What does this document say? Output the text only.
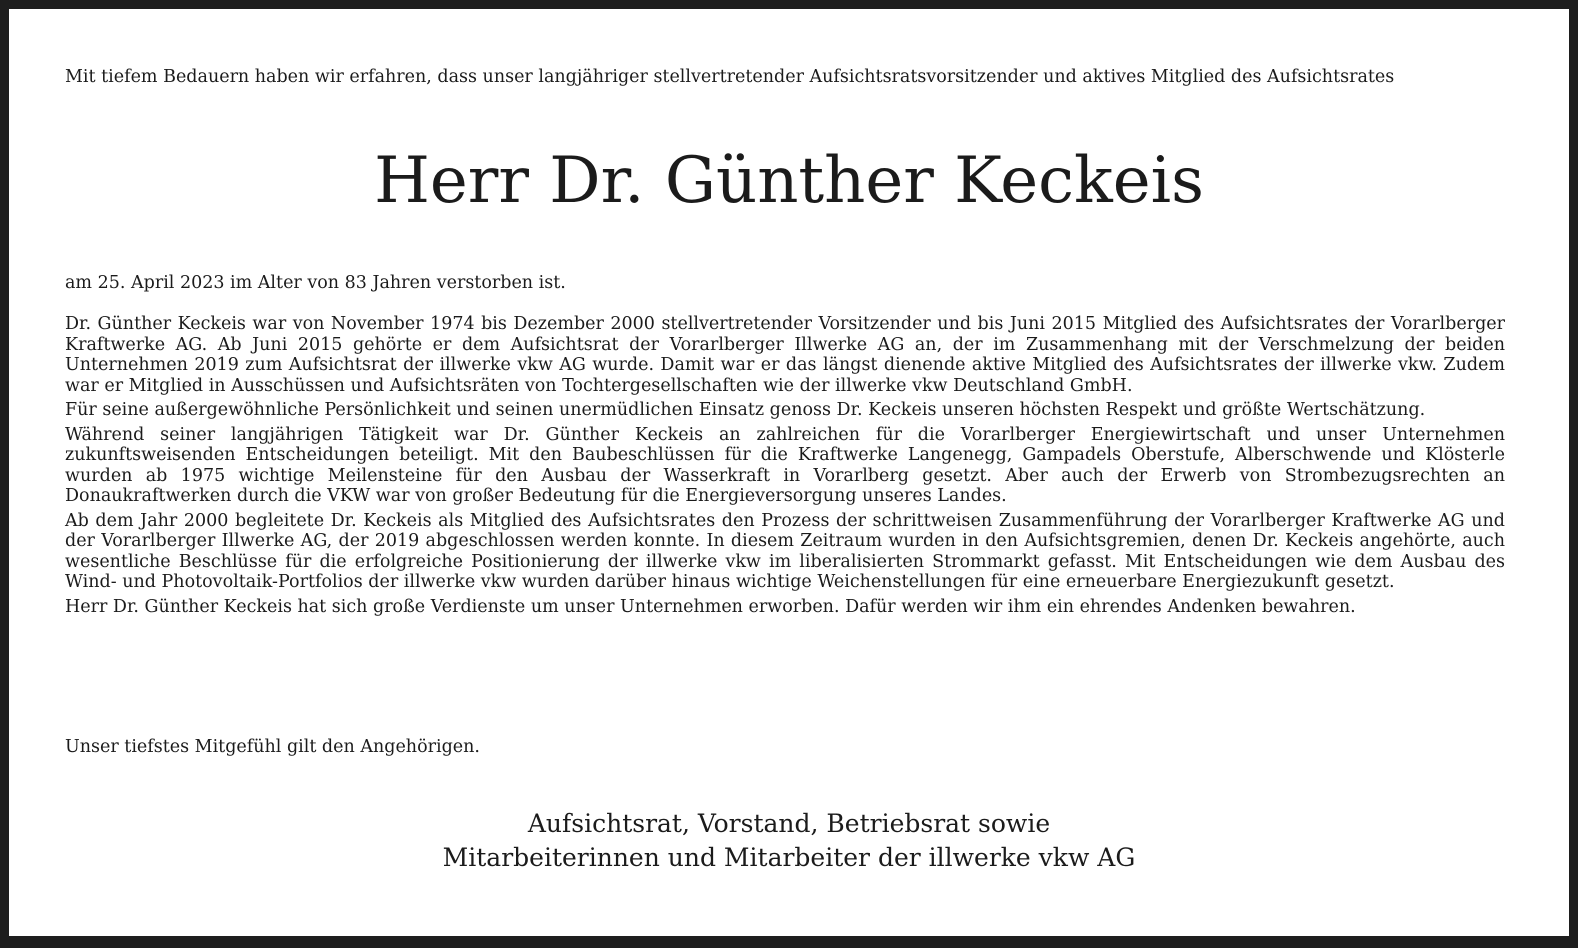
Mit tiefem Bedauern haben wir erfahren, dass unser langjähriger stellvertretender Aufsichtsratsvorsitzender und aktives Mitglied des Aufsichtsrates
Herr Dr. Günther Keckeis
am 25. April 2023 im Alter von 83 Jahren verstorben ist.

Dr. Günther Keckeis war von November 1974 bis Dezember 2000 stellvertretender Vorsitzender und bis Juni 2015 Mitglied des Aufsichtsrates der Vorarlberger Kraftwerke AG. Ab Juni 2015 gehörte er dem Aufsichtsrat der Vorarlberger Illwerke AG an, der im Zusammenhang mit der Verschmelzung der beiden Unternehmen 2019 zum Aufsichtsrat der illwerke vkw AG wurde. Damit war er das längst dienende aktive Mitglied des Aufsichtsrates der illwerke vkw. Zudem war er Mitglied in Ausschüssen und Aufsichtsräten von Tochtergesellschaften wie der illwerke vkw Deutschland GmbH.

Für seine außergewöhnliche Persönlichkeit und seinen unermüdlichen Einsatz genoss Dr. Keckeis unseren höchsten Respekt und größte Wertschätzung.

Während seiner langjährigen Tätigkeit war Dr. Günther Keckeis an zahlreichen für die Vorarlberger Energiewirtschaft und unser Unternehmen zukunftsweisenden Entscheidungen beteiligt. Mit den Baubeschlüssen für die Kraftwerke Langenegg, Gampadels Oberstufe, Alberschwende und Klösterle wurden ab 1975 wichtige Meilensteine für den Ausbau der Wasserkraft in Vorarlberg gesetzt. Aber auch der Erwerb von Strombezugsrechten an Donaukraftwerken durch die VKW war von großer Bedeutung für die Energieversorgung unseres Landes.

Ab dem Jahr 2000 begleitete Dr. Keckeis als Mitglied des Aufsichtsrates den Prozess der schrittweisen Zusammenführung der Vorarlberger Kraftwerke AG und der Vorarlberger Illwerke AG, der 2019 abgeschlossen werden konnte. In diesem Zeitraum wurden in den Aufsichtsgremien, denen Dr. Keckeis angehörte, auch wesentliche Beschlüsse für die erfolgreiche Positionierung der illwerke vkw im liberalisierten Strommarkt gefasst. Mit Entscheidungen wie dem Ausbau des Wind- und Photovoltaik-Portfolios der illwerke vkw wurden darüber hinaus wichtige Weichenstellungen für eine erneuerbare Energiezukunft gesetzt.

Herr Dr. Günther Keckeis hat sich große Verdienste um unser Unternehmen erworben. Dafür werden wir ihm ein ehrendes Andenken bewahren.

Unser tiefstes Mitgefühl gilt den Angehörigen.
Aufsichtsrat, Vorstand, Betriebsrat sowie
Mitarbeiterinnen und Mitarbeiter der illwerke vkw AG
